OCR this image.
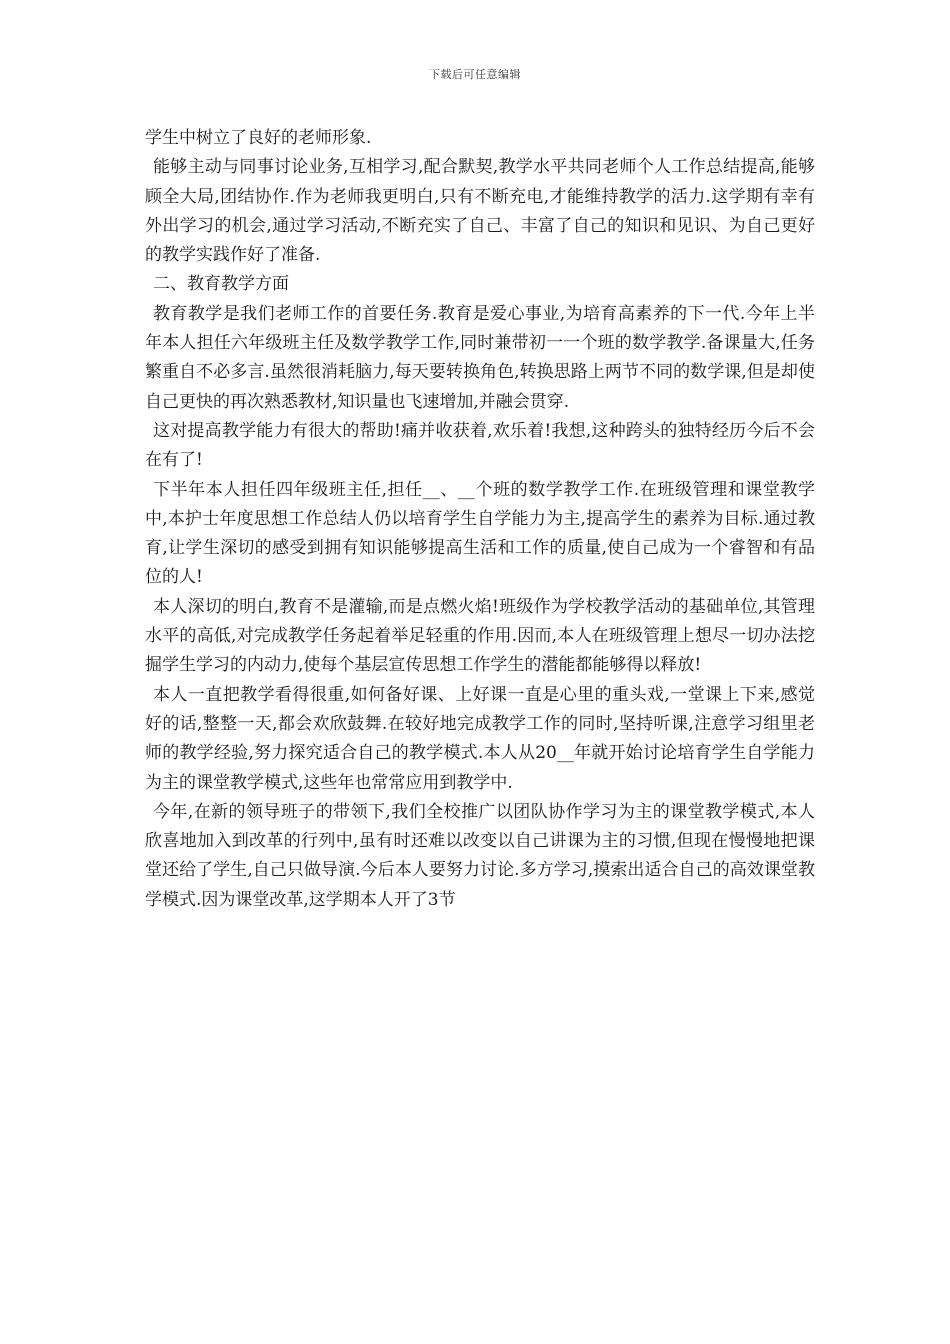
下载后可任意编辑

学生中树立了良好的老师形象.

能够主动与同事讨论业务,互相学习,配合默契,教学水平共同老师个人工作总结提高,能够顾全大局,团结协作.作为老师我更明白,只有不断充电,才能维持教学的活力.这学期有幸有外出学习的机会,通过学习活动,不断充实了自己、丰富了自己的知识和见识、为自己更好的教学实践作好了准备.

二、教育教学方面

教育教学是我们老师工作的首要任务.教育是爱心事业,为培育高素养的下一代.今年上半年本人担任六年级班主任及数学教学工作,同时兼带初一一个班的数学教学.备课量大,任务繁重自不必多言.虽然很消耗脑力,每天要转换角色,转换思路上两节不同的数学课,但是却使自己更快的再次熟悉教材,知识量也飞速增加,并融会贯穿.

这对提高教学能力有很大的帮助!痛并收获着,欢乐着!我想,这种跨头的独特经历今后不会在有了!

下半年本人担任四年级班主任,担任__、__个班的数学教学工作.在班级管理和课堂教学中,本护士年度思想工作总结人仍以培育学生自学能力为主,提高学生的素养为目标.通过教育,让学生深切的感受到拥有知识能够提高生活和工作的质量,使自己成为一个睿智和有品位的人!

本人深切的明白,教育不是灌输,而是点燃火焰!班级作为学校教学活动的基础单位,其管理水平的高低,对完成教学任务起着举足轻重的作用.因而,本人在班级管理上想尽一切办法挖掘学生学习的内动力,使每个基层宣传思想工作学生的潜能都能够得以释放!

本人一直把教学看得很重,如何备好课、上好课一直是心里的重头戏,一堂课上下来,感觉好的话,整整一天,都会欢欣鼓舞.在较好地完成教学工作的同时,坚持听课,注意学习组里老师的教学经验,努力探究适合自己的教学模式.本人从20__年就开始讨论培育学生自学能力为主的课堂教学模式,这些年也常常应用到教学中.

今年,在新的领导班子的带领下,我们全校推广以团队协作学习为主的课堂教学模式,本人欣喜地加入到改革的行列中,虽有时还难以改变以自己讲课为主的习惯,但现在慢慢地把课堂还给了学生,自己只做导演.今后本人要努力讨论.多方学习,摸索出适合自己的高效课堂教学模式.因为课堂改革,这学期本人开了3节
